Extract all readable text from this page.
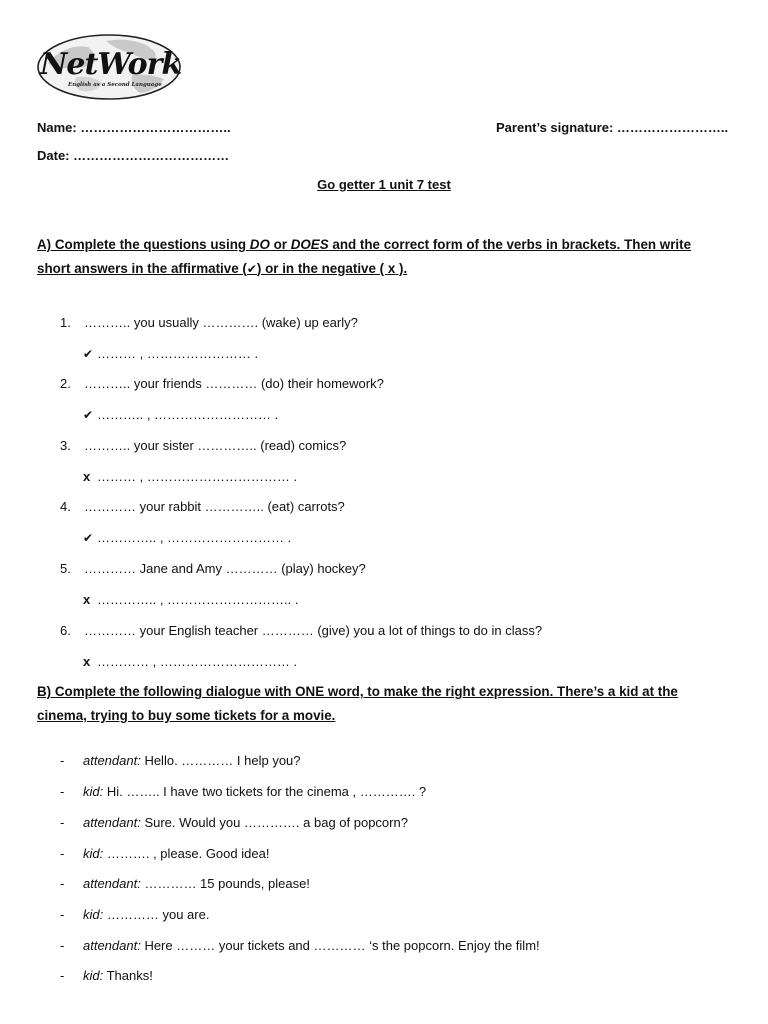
NetWork
English as a Second Language
Name: ……………………………..	Parent’s signature: ……………………..
Date: ………………………………
Go getter 1 unit 7 test
A) Complete the questions using DO or DOES and the correct form of the verbs in brackets. Then write
short answers in the affirmative (✔) or in the negative ( x ).
1. ……….. you usually …………. (wake) up early?
✔ ……… , …………………… .
2. ……….. your friends ………… (do) their homework?
✔ ……….. , ……………………… .
3. ……….. your sister ………….. (read) comics?
x ……… , …………………………… .
4. ………… your rabbit ………….. (eat) carrots?
✔ ………….. , ……………………… .
5. ………… Jane and Amy ………… (play) hockey?
x ………….. , ……………………….. .
6. ………… your English teacher ………… (give) you a lot of things to do in class?
x ………… , ………………………… .
B) Complete the following dialogue with ONE word, to make the right expression. There’s a kid at the
cinema, trying to buy some tickets for a movie.
- attendant: Hello. ………… I help you?
- kid: Hi. …….. I have two tickets for the cinema , …………. ?
- attendant: Sure. Would you …………. a bag of popcorn?
- kid: ………. , please. Good idea!
- attendant: ………… 15 pounds, please!
- kid: ………… you are.
- attendant: Here ……… your tickets and ………… ‘s the popcorn. Enjoy the film!
- kid: Thanks!
